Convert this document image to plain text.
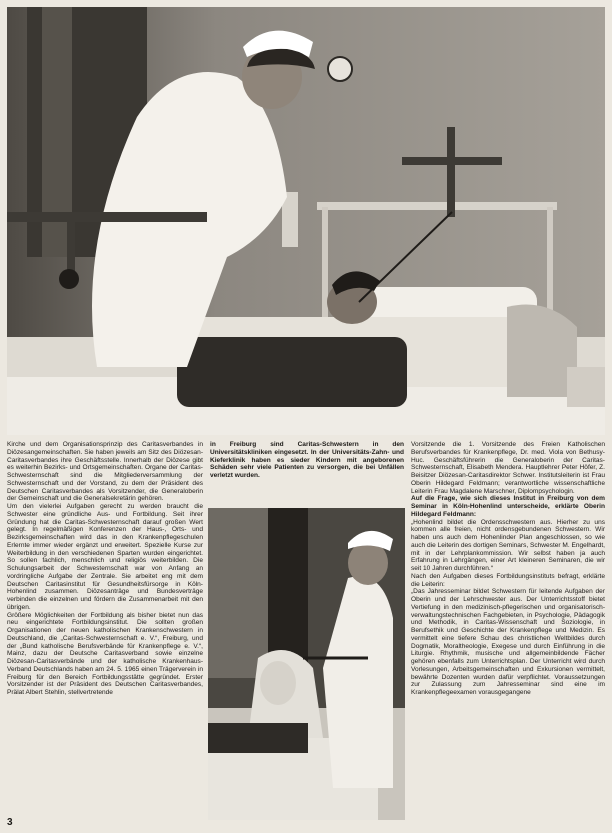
Kirche und dem Organisationsprinzip des Caritasverbandes in Diözesangemeinschaften. Sie haben jeweils am Sitz des Diözesan-Caritasverbandes ihre Geschäftsstelle. Innerhalb der Diözese gibt es weiterhin Bezirks- und Ortsgemeinschaften. Organe der Caritas-Schwesternschaft sind die Mitgliederversammlung der Schwesternschaft und der Vorstand, zu dem der Präsident des Deutschen Caritasverbandes als Vorsitzender, die Generaloberin der Gemeinschaft und die Generalsekretärin gehören.

Um den vielerlei Aufgaben gerecht zu werden braucht die Schwester eine gründliche Aus- und Fortbildung. Seit ihrer Gründung hat die Caritas-Schwesternschaft darauf großen Wert gelegt. In regelmäßigen Konferenzen der Haus-, Orts- und Bezirksgemeinschaften wird das in den Krankenpflegeschulen Erlernte immer wieder ergänzt und erweitert. Spezielle Kurse zur Weiterbildung in den verschiedenen Sparten wurden eingerichtet. So sollen fachlich, menschlich und religiös weiterbilden. Die Schulungsarbeit der Schwesternschaft war von Anfang an vordringliche Aufgabe der Zentrale. Sie arbeitet eng mit dem Deutschen Caritasinstitut für Gesundheitsfürsorge in Köln-Hohenlind zusammen. Diözesanträge und Bundesverträge verbinden die einzelnen und fördern die Zusammenarbeit mit den übrigen.

Größere Möglichkeiten der Fortbildung als bisher bietet nun das neu eingerichtete Fortbildungsinstitut. Die sollten großen Organisationen der neuen katholischen Krankenschwestern in Deutschland, die „Caritas-Schwesternschaft e. V.“, Freiburg, und der „Bund katholische Berufsverbände für Krankenpflege e. V.“, Mainz, dazu der Deutsche Caritasverband sowie einzelne Diözesan-Caritasverbände und der katholische Krankenhaus-Verband Deutschlands haben am 24. 5. 1965 einen Trägerverein in Freiburg für den Bereich Fortbildungsstätte gegründet. Erster Vorsitzender ist der Präsident des Deutschen Caritasverbandes, Prälat Albert Stehlin, stellvertretende

in Freiburg sind Caritas-Schwestern in den Universitätskliniken eingesetzt. In der Universitäts-Zahn- und Kieferklinik haben es sieder Kindern mit angeborenen Schäden sehr viele Patienten zu versorgen, die bei Unfällen verletzt wurden.

Vorsitzende die 1. Vorsitzende des Freien Katholischen Berufsverbandes für Krankenpflege, Dr. med. Viola von Bethusy-Huc. Geschäftsführerin die Generaloberin der Caritas-Schwesternschaft, Elisabeth Mendera. Hauptlehrer Peter Höfer, Z. Beisitzer Diözesan-Caritasdirektor Schwer. Institutsleiterin ist Frau Oberin Hildegard Feldmann; verantwortliche wissenschaftliche Leiterin Frau Magdalene Marschner, Diplompsychologin.

Auf die Frage, wie sich dieses Institut in Freiburg von dem Seminar in Köln-Hohenlind unterscheide, erklärte Oberin Hildegard Feldmann:

„Hohenlind bildet die Ordensschwestern aus. Hierher zu uns kommen alle freien, nicht ordensgebundenen Schwestern. Wir haben uns auch dem Hohenlinder Plan angeschlossen, so wie auch die Leiterin des dortigen Seminars, Schwester M. Engelhardt, mit in der Lehrplankommission. Wir selbst haben ja auch Erfahrung in Lehrgängen, einer Art kleineren Seminaren, die wir seit 10 Jahren durchführen.“

Nach den Aufgaben dieses Fortbildungsinstituts befragt, erklärte die Leiterin:

„Das Jahresseminar bildet Schwestern für leitende Aufgaben der Oberin und der Lehrschwester aus. Der Unterrichtsstoff bietet Vertiefung in den medizinisch-pflegerischen und organisatorisch-verwaltungstechnischen Fachgebieten, in Psychologie, Pädagogik und Methodik, in Caritas-Wissenschaft und Soziologie, in Berufsethik und Geschichte der Krankenpflege und Medizin. Es vermittelt eine tiefere Schau des christlichen Weltbildes durch Dogmatik, Moraltheologie, Exegese und durch Einführung in die Liturgie. Rhythmik, musische und allgemeinbildende Fächer gehören ebenfalls zum Unterrichtsplan. Der Unterricht wird durch Vorlesungen, Arbeitsgemeinschaften und Exkursionen vermittelt, bewährte Dozenten wurden dafür verpflichtet. Voraussetzungen zur Zulassung zum Jahresseminar sind eine im Krankenpflegeexamen vorausgegangene

3
